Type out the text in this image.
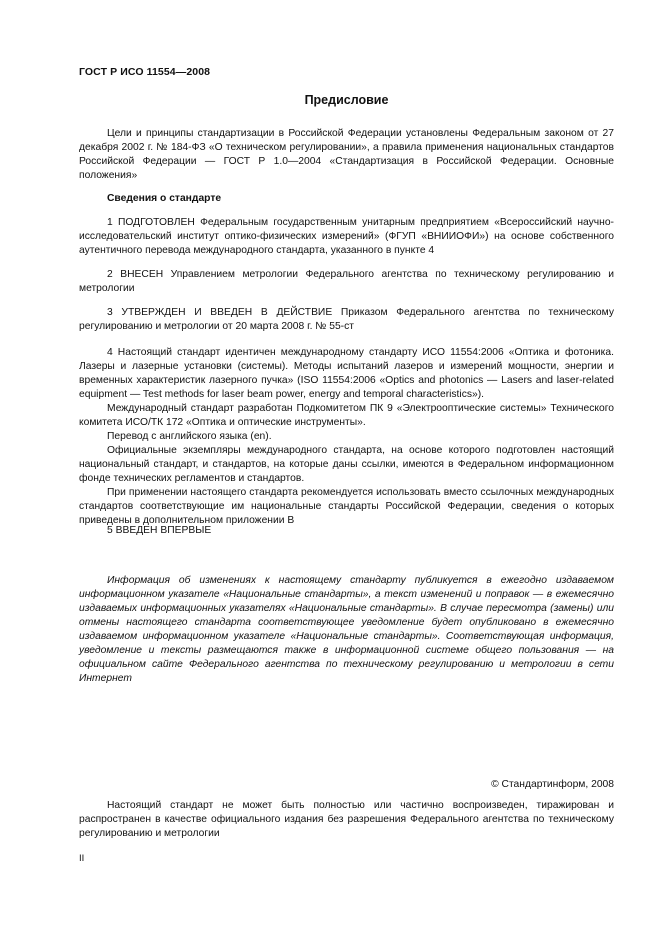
ГОСТ Р ИСО 11554—2008
Предисловие

Цели и принципы стандартизации в Российской Федерации установлены Федеральным законом от 27 декабря 2002 г. № 184-ФЗ «О техническом регулировании», а правила применения национальных стандартов Российской Федерации — ГОСТ Р 1.0—2004 «Стандартизация в Российской Федерации. Основные положения»

Сведения о стандарте

1 ПОДГОТОВЛЕН Федеральным государственным унитарным предприятием «Всероссийский научно-исследовательский институт оптико-физических измерений» (ФГУП «ВНИИОФИ») на основе собственного аутентичного перевода международного стандарта, указанного в пункте 4

2 ВНЕСЕН Управлением метрологии Федерального агентства по техническому регулированию и метрологии

3 УТВЕРЖДЕН И ВВЕДЕН В ДЕЙСТВИЕ Приказом Федерального агентства по техническому регулированию и метрологии от 20 марта 2008 г. № 55-ст

4 Настоящий стандарт идентичен международному стандарту ИСО 11554:2006 «Оптика и фотоника. Лазеры и лазерные установки (системы). Методы испытаний лазеров и измерений мощности, энергии и временных характеристик лазерного пучка» (ISO 11554:2006 «Optics and photonics — Lasers and laser-related equipment — Test methods for laser beam power, energy and temporal characteristics»).

Международный стандарт разработан Подкомитетом ПК 9 «Электрооптические системы» Технического комитета ИСО/ТК 172 «Оптика и оптические инструменты».

Перевод с английского языка (en).

Официальные экземпляры международного стандарта, на основе которого подготовлен настоящий национальный стандарт, и стандартов, на которые даны ссылки, имеются в Федеральном информационном фонде технических регламентов и стандартов.

При применении настоящего стандарта рекомендуется использовать вместо ссылочных международных стандартов соответствующие им национальные стандарты Российской Федерации, сведения о которых приведены в дополнительном приложении В

5 ВВЕДЕН ВПЕРВЫЕ

Информация об изменениях к настоящему стандарту публикуется в ежегодно издаваемом информационном указателе «Национальные стандарты», а текст изменений и поправок — в ежемесячно издаваемых информационных указателях «Национальные стандарты». В случае пересмотра (замены) или отмены настоящего стандарта соответствующее уведомление будет опубликовано в ежемесячно издаваемом информационном указателе «Национальные стандарты». Соответствующая информация, уведомление и тексты размещаются также в информационной системе общего пользования — на официальном сайте Федерального агентства по техническому регулированию и метрологии в сети Интернет

© Стандартинформ, 2008

Настоящий стандарт не может быть полностью или частично воспроизведен, тиражирован и распространен в качестве официального издания без разрешения Федерального агентства по техническому регулированию и метрологии

II
